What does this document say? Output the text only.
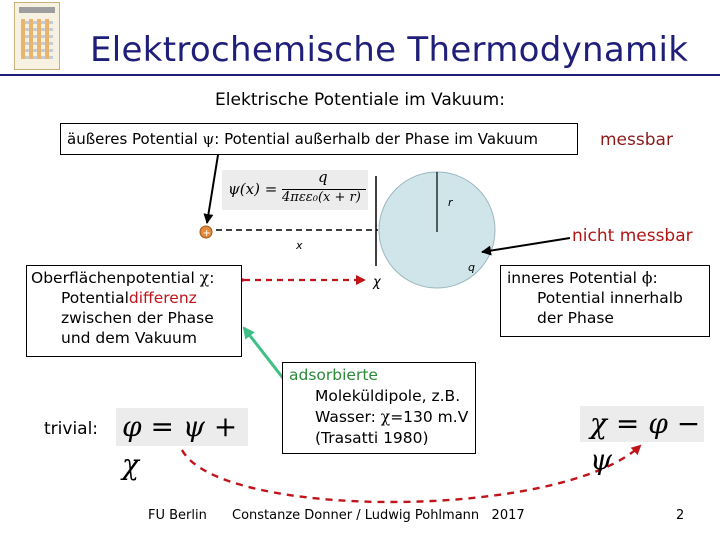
Elektrochemische Thermodynamik
Elektrische Potentiale im Vakuum:
äußeres Potential ψ: Potential außerhalb der Phase im Vakuum	messbar
r
q
χ
x
+
ψ(x) =
q
4πεε₀(x + r)
nicht messbar
Oberflächenpotential χ:
Potentialdifferenz
zwischen der Phase
und dem Vakuum
inneres Potential ϕ:
Potential innerhalb
der Phase
adsorbierte
Moleküldipole, z.B.
Wasser: χ=130 m.V
(Trasatti 1980)
trivial: φ = ψ + χ
χ = φ − ψ
FU Berlin Constanze Donner / Ludwig Pohlmann   2017	2
